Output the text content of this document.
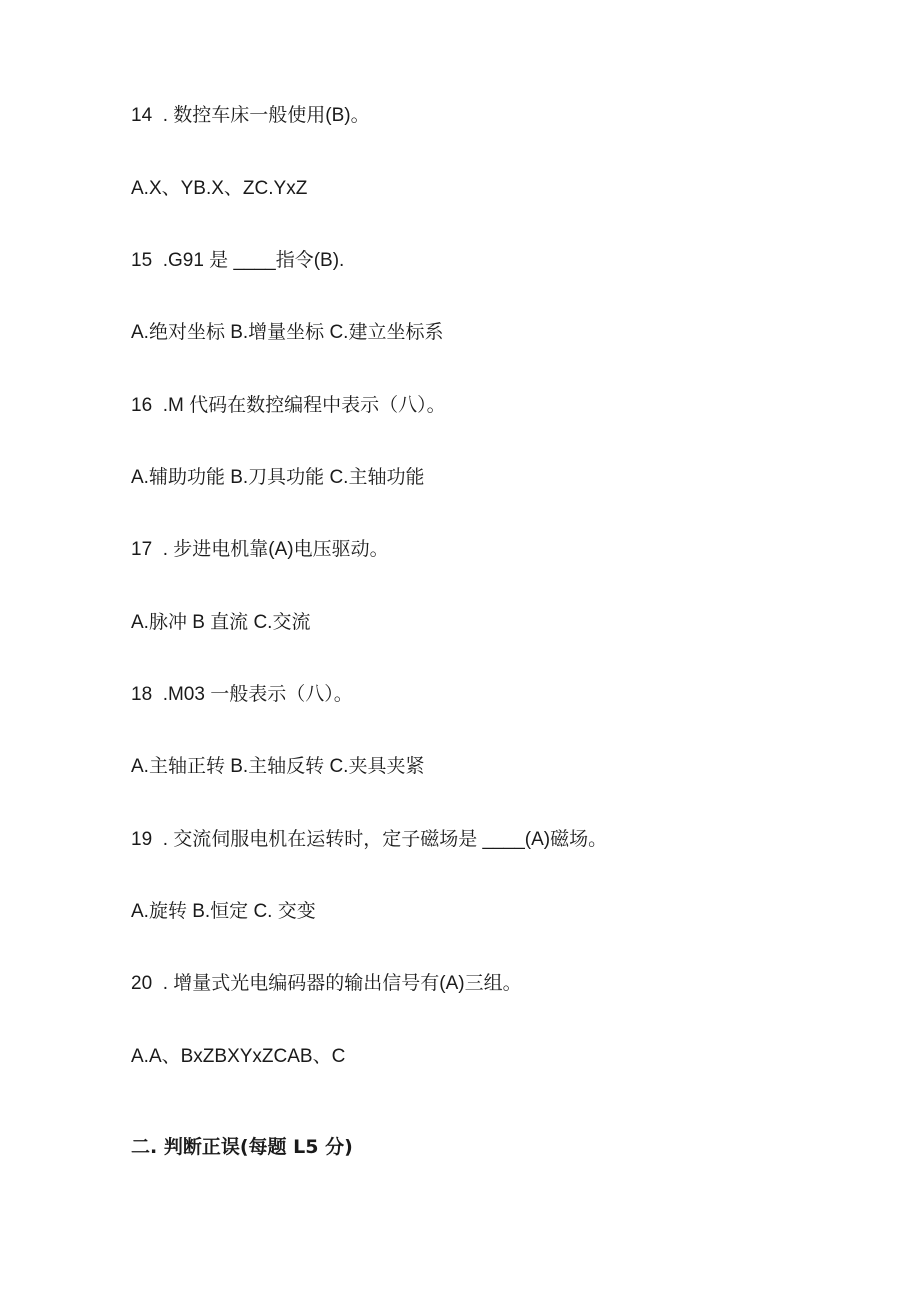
14  . 数控车床一般使用(B)。
A.X、YB.X、ZC.YxZ
15  .G91 是 ____指令(B).
A.绝对坐标 B.增量坐标 C.建立坐标系
16  .M 代码在数控编程中表示（八）。
A.辅助功能 B.刀具功能 C.主轴功能
17  . 步进电机靠(A)电压驱动。
A.脉冲 B 直流 C.交流
18  .M03 一般表示（八）。
A.主轴正转 B.主轴反转 C.夹具夹紧
19  . 交流伺服电机在运转时，定子磁场是 ____(A)磁场。
A.旋转 B.恒定 C. 交变
20  . 增量式光电编码器的输出信号有(A)三组。
A.A、BxZBXYxZCAB、C
二. 判断正误(每题 L5 分)
